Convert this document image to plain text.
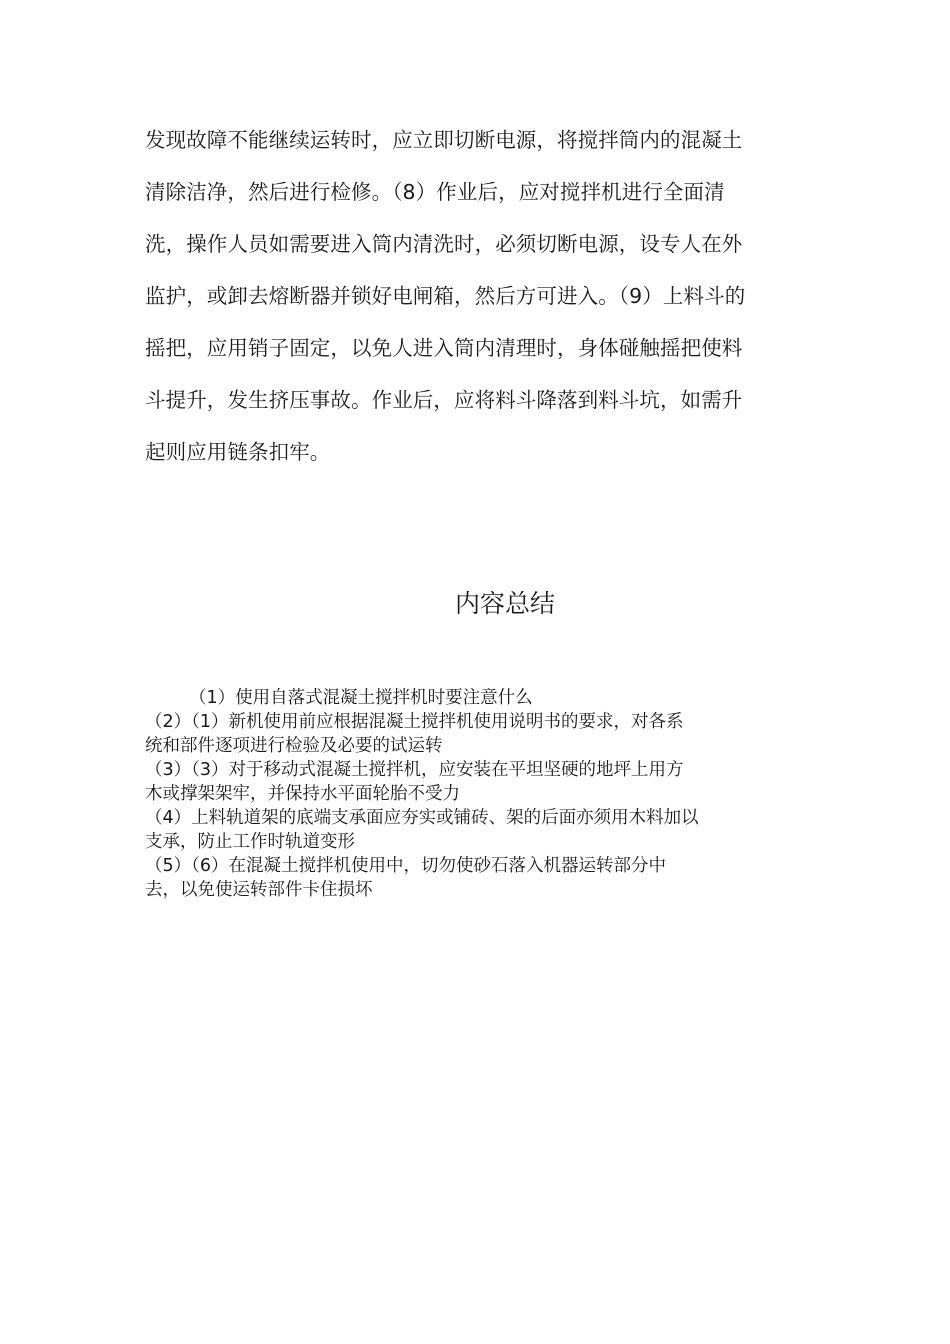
发现故障不能继续运转时，应立即切断电源，将搅拌筒内的混凝土
清除洁净，然后进行检修。（8）作业后，应对搅拌机进行全面清
洗，操作人员如需要进入筒内清洗时，必须切断电源，设专人在外
监护，或卸去熔断器并锁好电闸箱，然后方可进入。（9）上料斗的
摇把，应用销子固定，以免人进入筒内清理时，身体碰触摇把使料
斗提升，发生挤压事故。作业后，应将料斗降落到料斗坑，如需升
起则应用链条扣牢。
内容总结
（1）使用自落式混凝土搅拌机时要注意什么
（2）（1）新机使用前应根据混凝土搅拌机使用说明书的要求，对各系
统和部件逐项进行检验及必要的试运转
（3）（3）对于移动式混凝土搅拌机，应安装在平坦坚硬的地坪上用方
木或撑架架牢，并保持水平面轮胎不受力
（4）上料轨道架的底端支承面应夯实或铺砖、架的后面亦须用木料加以
支承，防止工作时轨道变形
（5）（6）在混凝土搅拌机使用中，切勿使砂石落入机器运转部分中
去，以免使运转部件卡住损坏
